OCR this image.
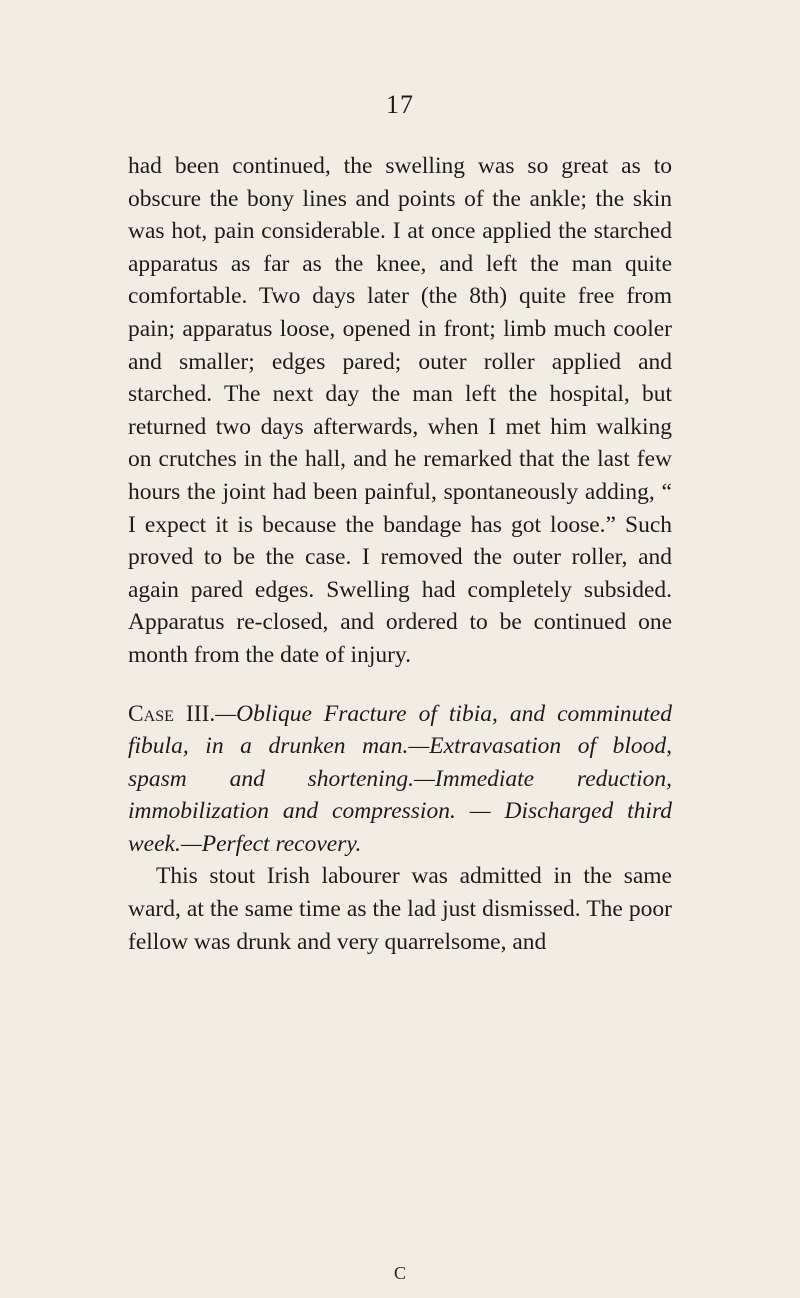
17

had been continued, the swelling was so great as to obscure the bony lines and points of the ankle; the skin was hot, pain considerable. I at once applied the starched apparatus as far as the knee, and left the man quite comfortable. Two days later (the 8th) quite free from pain; apparatus loose, opened in front; limb much cooler and smaller; edges pared; outer roller applied and starched. The next day the man left the hospital, but returned two days afterwards, when I met him walking on crutches in the hall, and he remarked that the last few hours the joint had been painful, spontaneously adding, “ I expect it is because the bandage has got loose.” Such proved to be the case. I removed the outer roller, and again pared edges. Swelling had completely subsided. Apparatus re-closed, and ordered to be continued one month from the date of injury.

Case III.—Oblique Fracture of tibia, and comminuted fibula, in a drunken man.—Extravasation of blood, spasm and shortening.—Immediate reduction, immobilization and compression. — Discharged third week.—Perfect recovery.

This stout Irish labourer was admitted in the same ward, at the same time as the lad just dismissed. The poor fellow was drunk and very quarrelsome, and

C
